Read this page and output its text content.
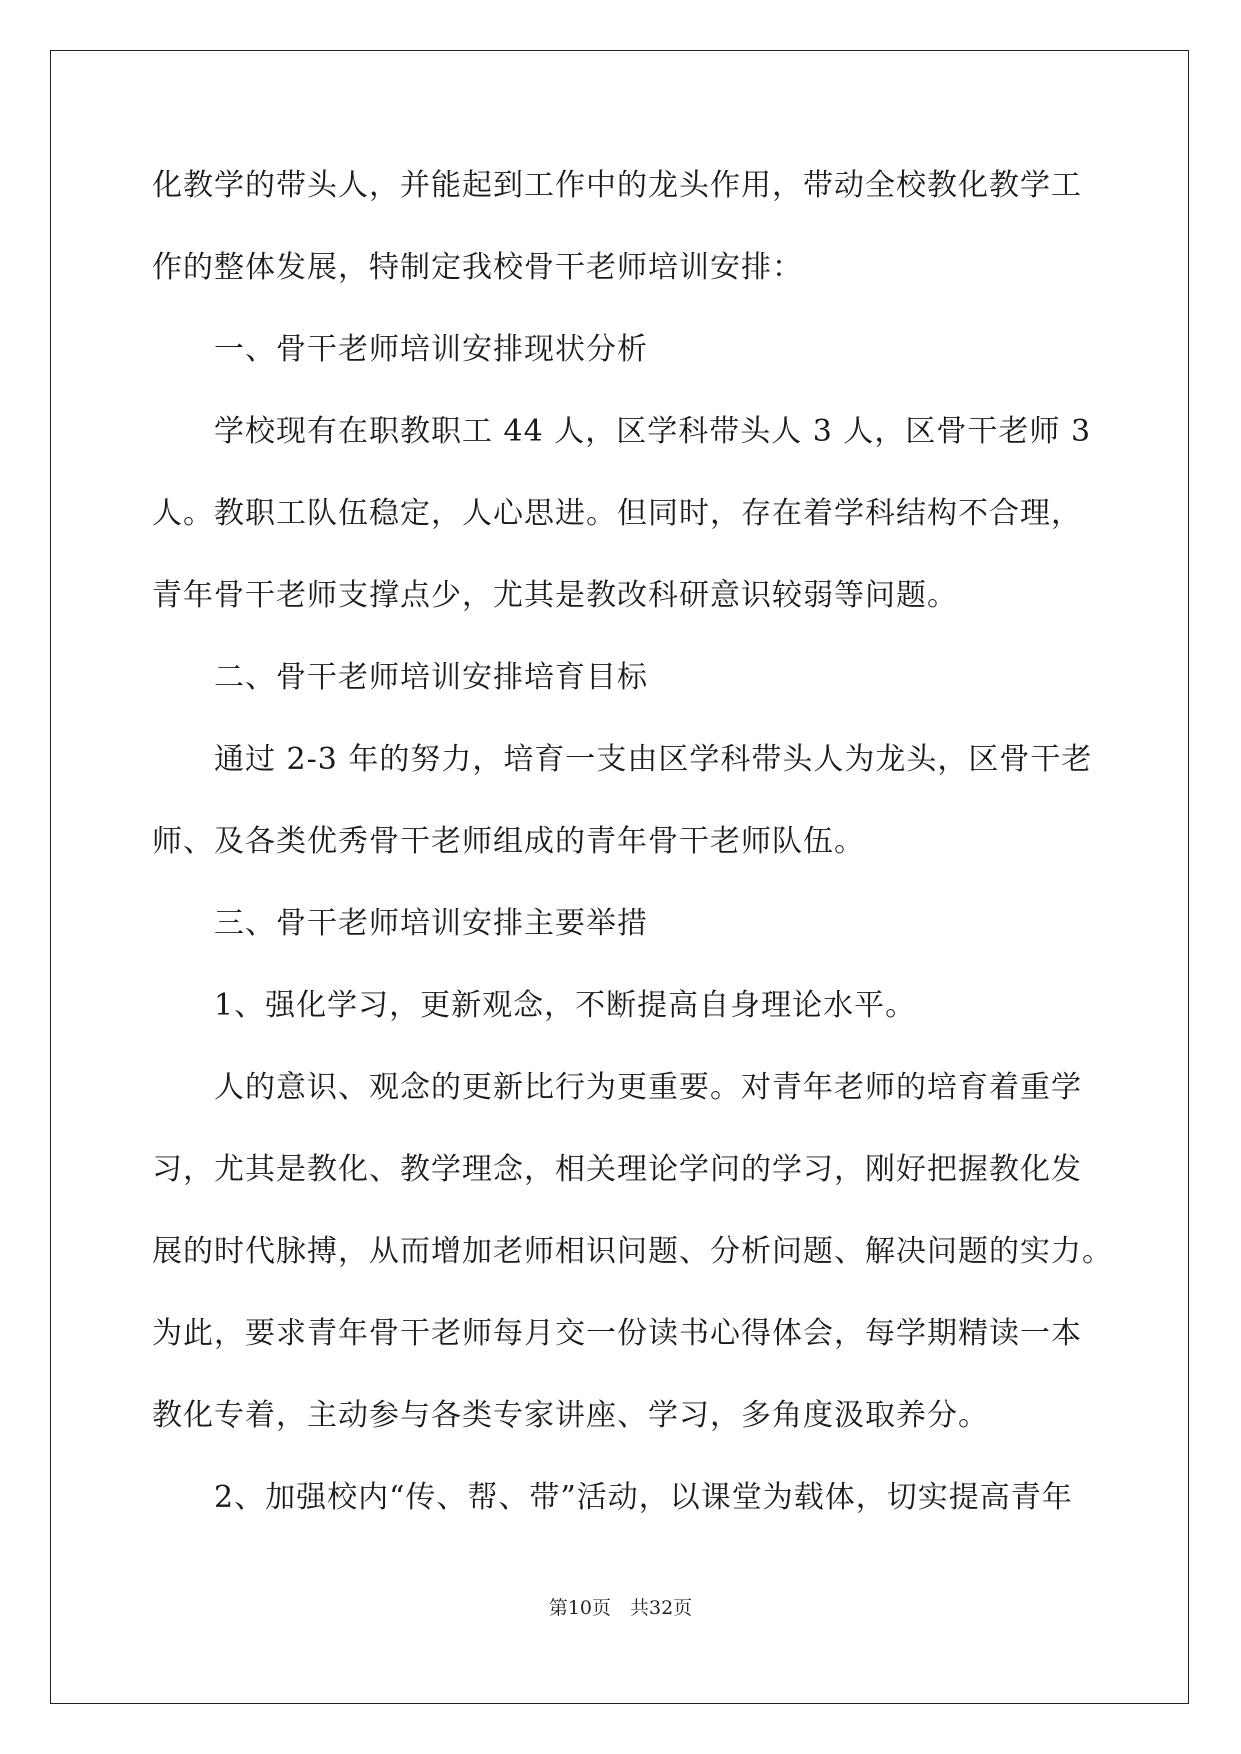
化教学的带头人，并能起到工作中的龙头作用，带动全校教化教学工
作的整体发展，特制定我校骨干老师培训安排：
一、骨干老师培训安排现状分析
学校现有在职教职工 44 人，区学科带头人 3 人，区骨干老师 3
人。教职工队伍稳定，人心思进。但同时，存在着学科结构不合理，
青年骨干老师支撑点少，尤其是教改科研意识较弱等问题。
二、骨干老师培训安排培育目标
通过 2-3 年的努力，培育一支由区学科带头人为龙头，区骨干老
师、及各类优秀骨干老师组成的青年骨干老师队伍。
三、骨干老师培训安排主要举措
1、强化学习，更新观念，不断提高自身理论水平。
人的意识、观念的更新比行为更重要。对青年老师的培育着重学
习，尤其是教化、教学理念，相关理论学问的学习，刚好把握教化发
展的时代脉搏，从而增加老师相识问题、分析问题、解决问题的实力。
为此，要求青年骨干老师每月交一份读书心得体会，每学期精读一本
教化专着，主动参与各类专家讲座、学习，多角度汲取养分。
2、加强校内“传、帮、带”活动，以课堂为载体，切实提高青年
第10页　共32页
